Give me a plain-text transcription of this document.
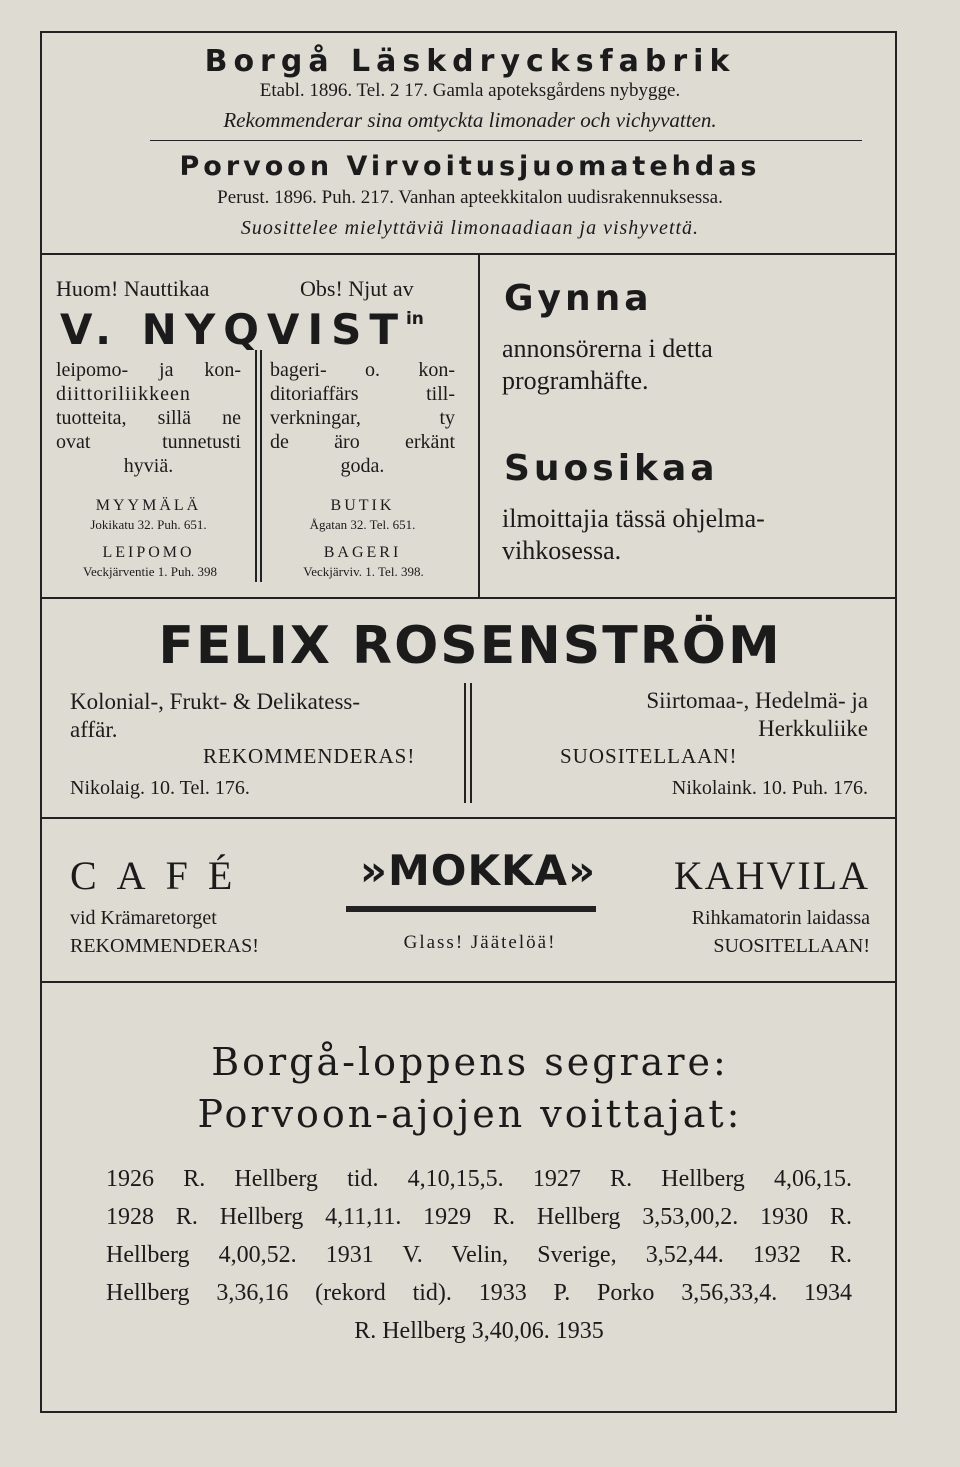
Borgå Läskdrycksfabrik
Etabl. 1896. Tel. 2 17. Gamla apoteksgårdens nybygge.
Rekommenderar sina omtyckta limonader och vichyvatten.
Porvoon Virvoitusjuomatehdas
Perust. 1896. Puh. 217. Vanhan apteekkitalon uudisrakennuksessa.
Suosittelee mielyttäviä limonaadiaan ja vishyvettä.
Huom! Nauttikaa	Obs! Njut av
V. $NYQVIST^{in}$
leipomo- ja kon-
diittoriliikkeen
tuotteita, sillä ne
ovat tunnetusti
hyviä.
bageri- o. kon-
ditoriaffärs till-
verkningar, ty
de äro erkänt
goda.
MYYMÄLÄ
Jokikatu 32. Puh. 651.
LEIPOMO
Veckjärventie 1. Puh. 398
BUTIK
Ågatan 32. Tel. 651.
BAGERI
Veckjärviv. 1. Tel. 398.
Gynna
annonsörerna i detta
programhäfte.
Suosikaa
ilmoittajia tässä ohjelma-
vihkosessa.
FELIX ROSENSTRÖM
Kolonial-, Frukt- & Delikatess-
affär.
REKOMMENDERAS!
Nikolaig. 10. Tel. 176.
Siirtomaa-, Hedelmä- ja
Herkkuliike
SUOSITELLAAN!
Nikolaink. 10. Puh. 176.
CAFÉ
vid Krämaretorget
REKOMMENDERAS!
»MOKKA»
Glass! Jäätelöä!
KAHVILA
Rihkamatorin laidassa
SUOSITELLAAN!
Borgå-loppens segrare:
Porvoon-ajojen voittajat:
1926 R. Hellberg tid. 4,10,15,5. 1927 R. Hellberg 4,06,15.
1928 R. Hellberg 4,11,11. 1929 R. Hellberg 3,53,00,2. 1930 R.
Hellberg 4,00,52. 1931 V. Velin, Sverige, 3,52,44. 1932 R.
Hellberg 3,36,16 (rekord tid). 1933 P. Porko 3,56,33,4. 1934
R. Hellberg 3,40,06. 1935
